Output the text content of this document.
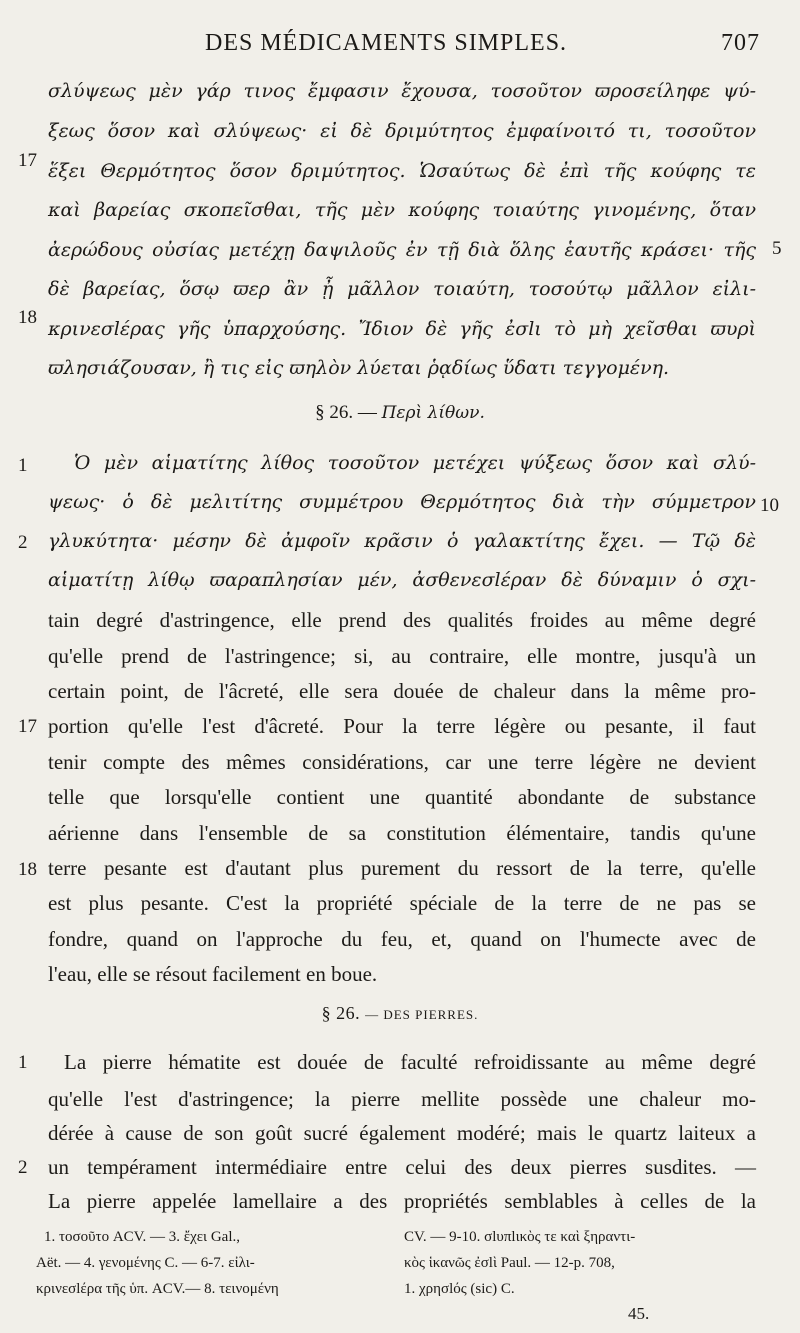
DES MÉDICAMENTS SIMPLES.	707
σλύψεως μὲν γάρ τινος ἔμφασιν ἔχουσα, τοσοῦτον ϖροσείληφε ψύ-
ξεως ὅσον καὶ σλύψεως· εἰ δὲ δριμύτητος ἐμφαίνοιτό τι, τοσοῦτον
ἕξει Θερμότητος ὅσον δριμύτητος. Ὡσαύτως δὲ ἐπὶ τῆς κούφης τε
καὶ βαρείας σκοπεῖσθαι, τῆς μὲν κούφης τοιαύτης γινομένης, ὅταν
ἀερώδους οὐσίας μετέχῃ δαψιλοῦς ἐν τῇ διὰ ὅλης ἑαυτῆς κράσει· τῆς
δὲ βαρείας, ὅσῳ ϖερ ἂν ᾖ μᾶλλον τοιαύτη, τοσούτῳ μᾶλλον εἰλι-
κρινεσlέρας γῆς ὑπαρχούσης. Ἴδιον δὲ γῆς ἐσlι τὸ μὴ χεῖσθαι ϖυρὶ
ϖλησιάζουσαν, ἢ τις εἰς ϖηλὸν λύεται ῥᾳδίως ὕδατι τεγγομένη.
17
5
18
§ 26. — Περὶ λίθων.
Ὁ μὲν αἱματίτης λίθος τοσοῦτον μετέχει ψύξεως ὅσον καὶ σλύ-
ψεως· ὁ δὲ μελιτίτης συμμέτρου Θερμότητος διὰ τὴν σύμμετρον
γλυκύτητα· μέσην δὲ ἀμφοῖν κρᾶσιν ὁ γαλακτίτης ἔχει. — Τῷ δὲ
αἱματίτῃ λίθῳ ϖαραπλησίαν μέν, ἀσθενεσlέραν δὲ δύναμιν ὁ σχι-
1
10
2
tain degré d'astringence, elle prend des qualités froides au même degré
qu'elle prend de l'astringence; si, au contraire, elle montre, jusqu'à un
certain point, de l'âcreté, elle sera douée de chaleur dans la même pro-
portion qu'elle l'est d'âcreté. Pour la terre légère ou pesante, il faut
tenir compte des mêmes considérations, car une terre légère ne devient
telle que lorsqu'elle contient une quantité abondante de substance
aérienne dans l'ensemble de sa constitution élémentaire, tandis qu'une
terre pesante est d'autant plus purement du ressort de la terre, qu'elle
est plus pesante. C'est la propriété spéciale de la terre de ne pas se
fondre, quand on l'approche du feu, et, quand on l'humecte avec de
l'eau, elle se résout facilement en boue.
17
18
§ 26. — DES PIERRES.
La pierre hématite est douée de faculté refroidissante au même degré
qu'elle l'est d'astringence; la pierre mellite possède une chaleur mo-
dérée à cause de son goût sucré également modéré; mais le quartz laiteux a
un tempérament intermédiaire entre celui des deux pierres susdites. —
La pierre appelée lamellaire a des propriétés semblables à celles de la
1
2
1. τοσοῦτο ACV. — 3. ἔχει Gal.,
Aët. — 4. γενομένης C. — 6-7. εἰλι-
κρινεσlέρα τῆς ὑπ. ACV.— 8. τεινομένη
CV. — 9-10. σlυπlικὸς τε καὶ ξηραντι-
κὸς ἱκανῶς ἐσlὶ Paul. — 12-p. 708,
1. χρησlός (sic) C.
45.
